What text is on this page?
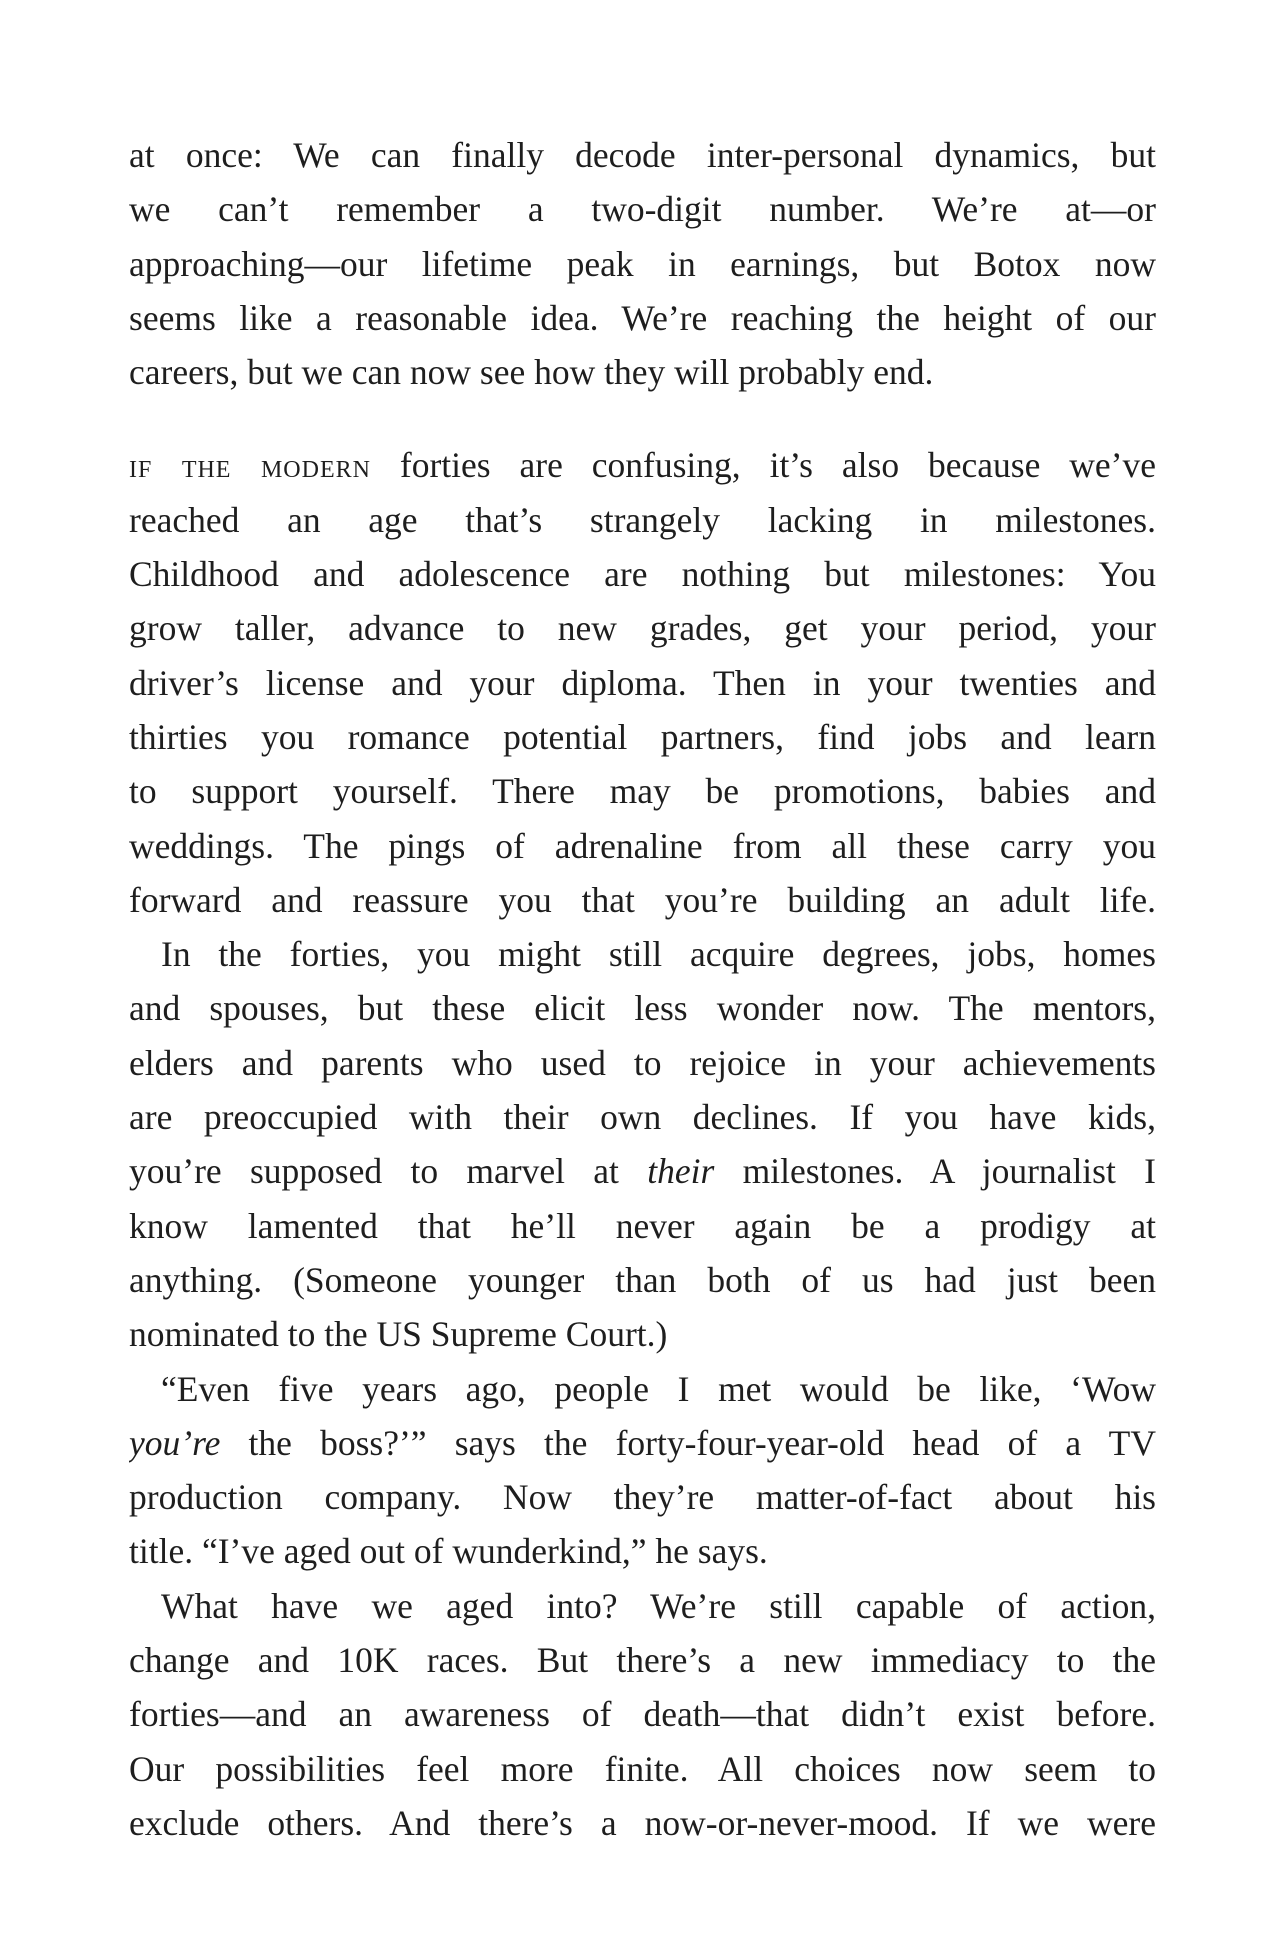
at once: We can finally decode inter-personal dynamics, but
we can’t remember a two-digit number. We’re at—or
approaching—our lifetime peak in earnings, but Botox now
seems like a reasonable idea. We’re reaching the height of our
careers, but we can now see how they will probably end.
if the modern forties are confusing, it’s also because we’ve
reached an age that’s strangely lacking in milestones.
Childhood and adolescence are nothing but milestones: You
grow taller, advance to new grades, get your period, your
driver’s license and your diploma. Then in your twenties and
thirties you romance potential partners, find jobs and learn
to support yourself. There may be promotions, babies and
weddings. The pings of adrenaline from all these carry you
forward and reassure you that you’re building an adult life.
In the forties, you might still acquire degrees, jobs, homes
and spouses, but these elicit less wonder now. The mentors,
elders and parents who used to rejoice in your achievements
are preoccupied with their own declines. If you have kids,
you’re supposed to marvel at their milestones. A journalist I
know lamented that he’ll never again be a prodigy at
anything. (Someone younger than both of us had just been
nominated to the US Supreme Court.)
“Even five years ago, people I met would be like, ‘Wow
you’re the boss?’” says the forty-four-year-old head of a TV
production company. Now they’re matter-of-fact about his
title. “I’ve aged out of wunderkind,” he says.
What have we aged into? We’re still capable of action,
change and 10K races. But there’s a new immediacy to the
forties—and an awareness of death—that didn’t exist before.
Our possibilities feel more finite. All choices now seem to
exclude others. And there’s a now-or-never-mood. If we were
